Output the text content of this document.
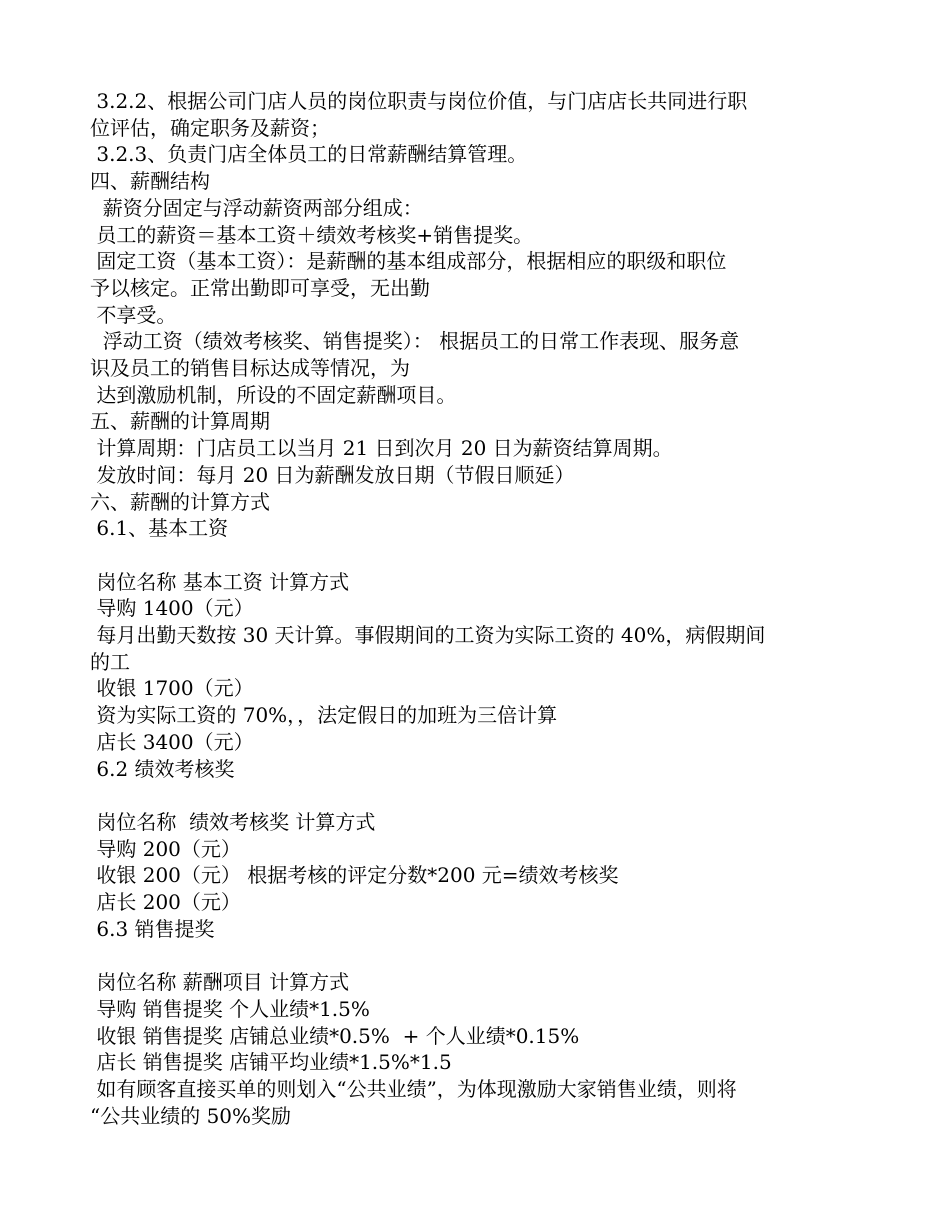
3.2.2、根据公司门店人员的岗位职责与岗位价值，与门店店长共同进行职

位评估，确定职务及薪资；

3.2.3、负责门店全体员工的日常薪酬结算管理。

四、薪酬结构

薪资分固定与浮动薪资两部分组成：

员工的薪资＝基本工资＋绩效考核奖+销售提奖。

固定工资（基本工资）：是薪酬的基本组成部分，根据相应的职级和职位

予以核定。正常出勤即可享受，无出勤

不享受。

浮动工资（绩效考核奖、销售提奖）： 根据员工的日常工作表现、服务意

识及员工的销售目标达成等情况，为

达到激励机制，所设的不固定薪酬项目。

五、薪酬的计算周期

计算周期：门店员工以当月 21 日到次月 20 日为薪资结算周期。

发放时间：每月 20 日为薪酬发放日期（节假日顺延）

六、薪酬的计算方式

6.1、基本工资

岗位名称 基本工资 计算方式

导购 1400（元）

每月出勤天数按 30 天计算。事假期间的工资为实际工资的 40%，病假期间

的工

收银 1700（元）

资为实际工资的 70%，，法定假日的加班为三倍计算

店长 3400（元）

6.2 绩效考核奖

岗位名称  绩效考核奖 计算方式

导购 200（元）

收银 200（元） 根据考核的评定分数*200 元=绩效考核奖

店长 200（元）

6.3 销售提奖

岗位名称 薪酬项目 计算方式

导购 销售提奖 个人业绩*1.5%

收银 销售提奖 店铺总业绩*0.5%  + 个人业绩*0.15%

店长 销售提奖 店铺平均业绩*1.5%*1.5

如有顾客直接买单的则划入“公共业绩”，为体现激励大家销售业绩，则将

“公共业绩的 50%奖励
